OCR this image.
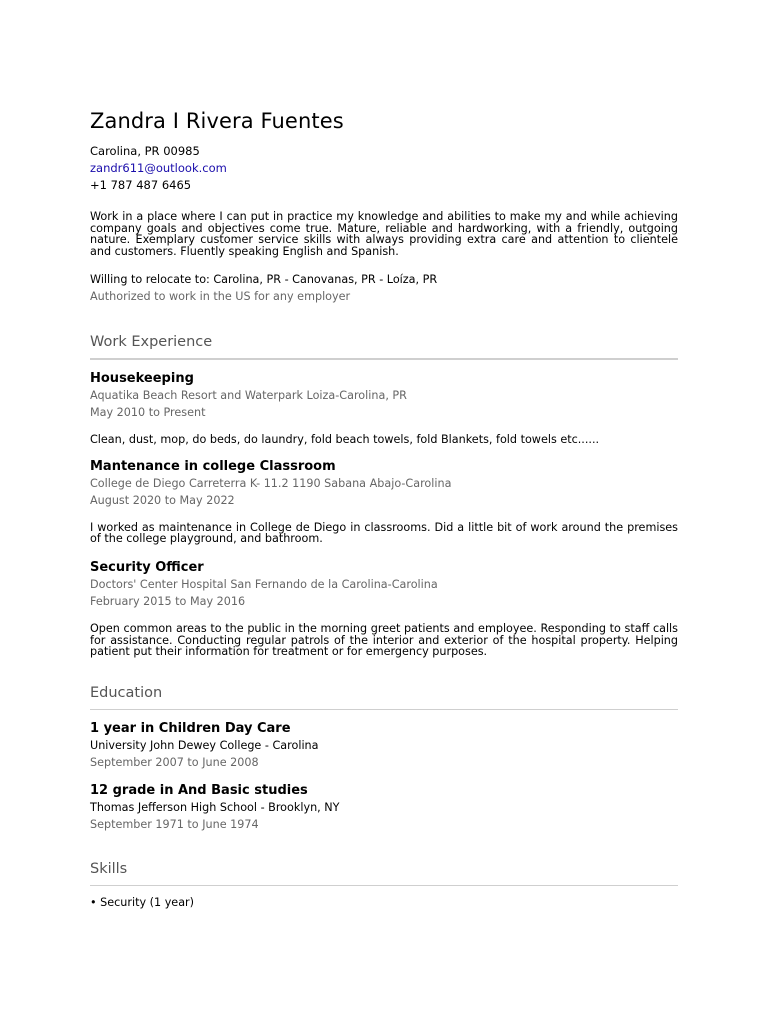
Zandra I Rivera Fuentes
Carolina, PR 00985
zandr611@outlook.com
+1 787 487 6465
Work in a place where I can put in practice my knowledge and abilities to make my and while achieving company goals and objectives come true. Mature, reliable and hardworking, with a friendly, outgoing nature. Exemplary customer service skills with always providing extra care and attention to clientele and customers. Fluently speaking English and Spanish.
Willing to relocate to: Carolina, PR - Canovanas, PR - Loíza, PR
Authorized to work in the US for any employer
Work Experience
Housekeeping
Aquatika Beach Resort and Waterpark Loiza-Carolina, PR
May 2010 to Present
Clean, dust, mop, do beds, do laundry, fold beach towels, fold Blankets, fold towels etc......
Mantenance in college Classroom
College de Diego Carreterra K- 11.2 1190 Sabana Abajo-Carolina
August 2020 to May 2022
I worked as maintenance in College de Diego in classrooms. Did a little bit of work around the premises of the college playground, and bathroom.
Security Officer
Doctors' Center Hospital San Fernando de la Carolina-Carolina
February 2015 to May 2016
Open common areas to the public in the morning greet patients and employee. Responding to staff calls for assistance. Conducting regular patrols of the interior and exterior of the hospital property. Helping patient put their information for treatment or for emergency purposes.
Education
1 year in Children Day Care
University John Dewey College - Carolina
September 2007 to June 2008
12 grade in And Basic studies
Thomas Jefferson High School - Brooklyn, NY
September 1971 to June 1974
Skills
• Security (1 year)
